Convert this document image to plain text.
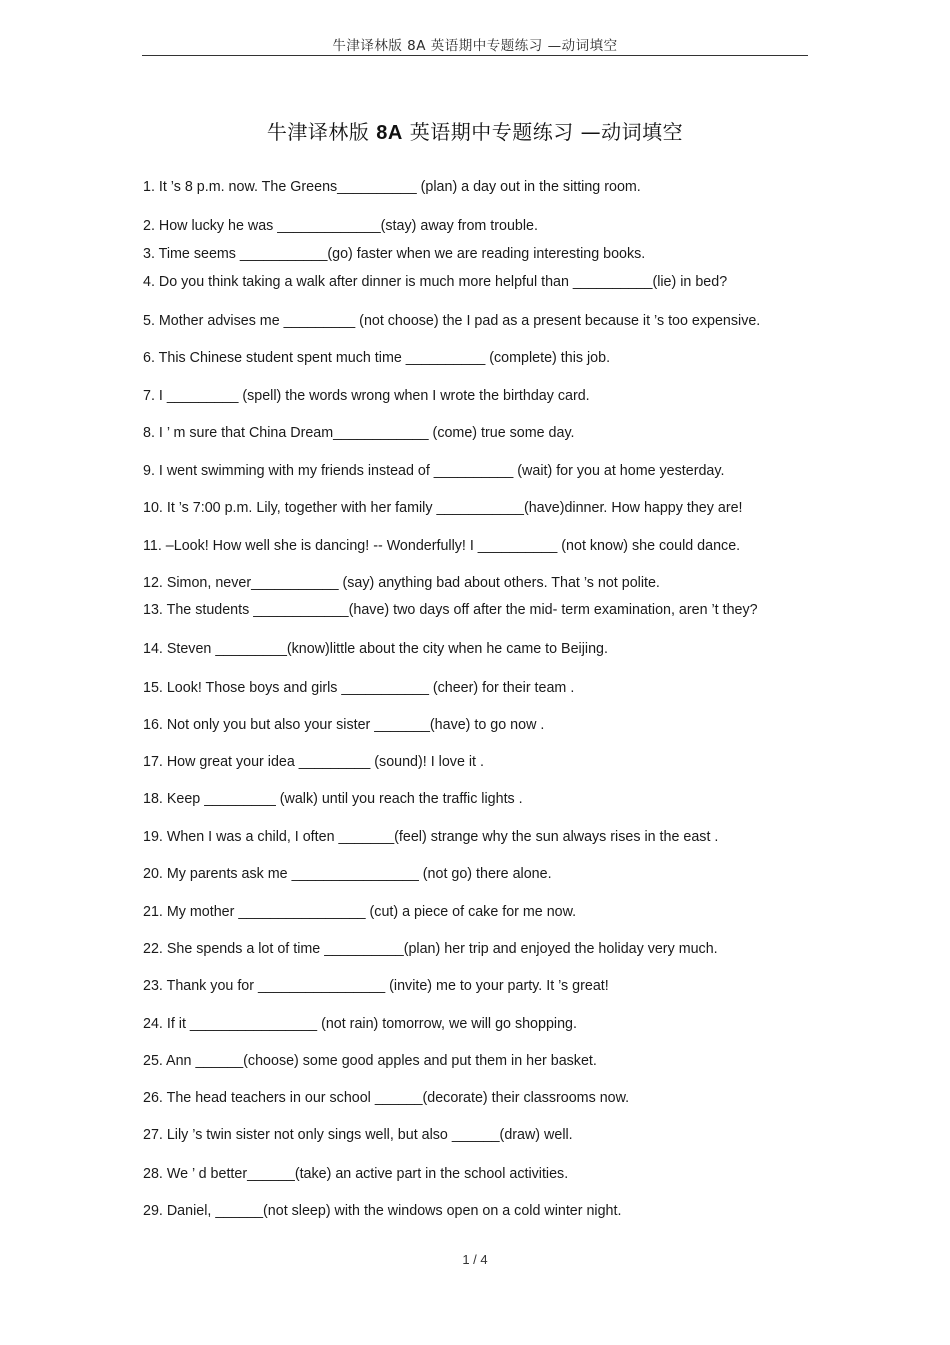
牛津译林版 8A 英语期中专题练习 —动词填空
牛津译林版 8A 英语期中专题练习 —动词填空
1. It ’s 8 p.m. now. The Greens__________ (plan) a day out in the sitting room.
2. How lucky he was _____________(stay) away from trouble.
3. Time seems ___________(go) faster when we are reading interesting books.
4. Do you think taking a walk after dinner is much more helpful than __________(lie) in bed?
5. Mother advises me _________ (not choose) the I pad as a present because it ’s too expensive.
6. This Chinese student spent much time __________ (complete) this job.
7. I _________ (spell) the words wrong when I wrote the birthday card.
8. I ’ m sure that China Dream____________ (come) true some day.
9. I went swimming with my friends instead of __________ (wait) for you at home yesterday.
10. It ’s 7:00 p.m. Lily, together with her family ___________(have)dinner. How happy they are!
11. –Look! How well she is dancing! -- Wonderfully! I __________ (not know) she could dance.
12. Simon, never___________ (say) anything bad about others. That ’s not polite.
13. The students ____________(have) two days off after the mid- term examination, aren ’t they?
14. Steven _________(know)little about the city when he came to Beijing.
15. Look! Those boys and girls ___________ (cheer) for their team .
16. Not only you but also your sister _______(have) to go now .
17. How great your idea _________ (sound)! I love it .
18. Keep _________ (walk) until you reach the traffic lights .
19. When I was a child, I often _______(feel) strange why the sun always rises in the east .
20. My parents ask me ________________ (not go) there alone.
21. My mother ________________ (cut) a piece of cake for me now.
22. She spends a lot of time __________(plan) her trip and enjoyed the holiday very much.
23. Thank you for ________________ (invite) me to your party. It ’s great!
24. If it ________________ (not rain) tomorrow, we will go shopping.
25. Ann ______(choose) some good apples and put them in her basket.
26. The head teachers in our school ______(decorate) their classrooms now.
27. Lily ’s twin sister not only sings well, but also ______(draw) well.
28. We ’ d better______(take) an active part in the school activities.
29. Daniel, ______(not sleep) with the windows open on a cold winter night.
1 / 4
